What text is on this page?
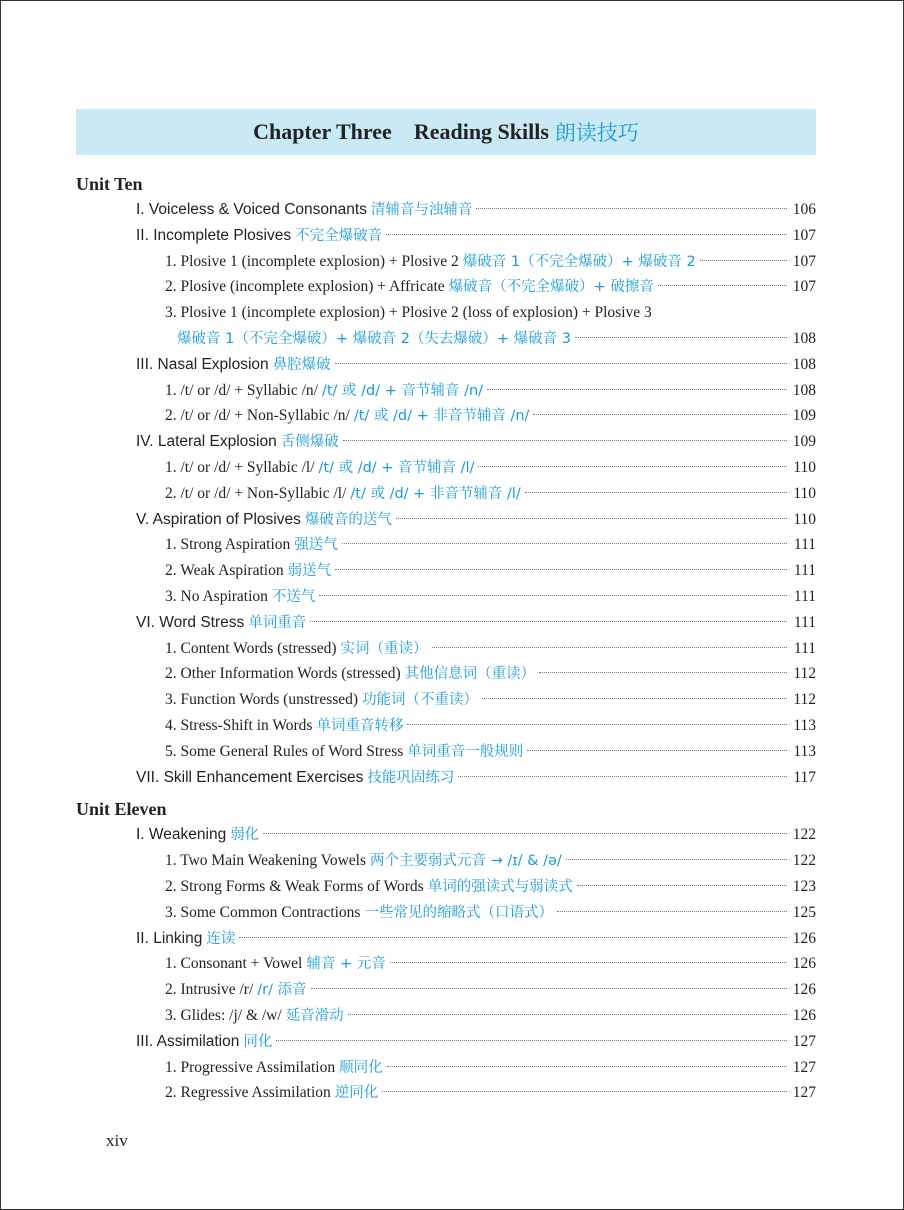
Chapter Three Reading Skills 朗读技巧
Unit Ten
I. Voiceless & Voiced Consonants 清辅音与浊辅音	106
II. Incomplete Plosives 不完全爆破音	107
1. Plosive 1 (incomplete explosion) + Plosive 2 爆破音 1（不完全爆破）+ 爆破音 2	107
2. Plosive (incomplete explosion) + Affricate 爆破音（不完全爆破）+ 破擦音	107
3. Plosive 1 (incomplete explosion) + Plosive 2 (loss of explosion) + Plosive 3
爆破音 1（不完全爆破）+ 爆破音 2（失去爆破）+ 爆破音 3	108
III. Nasal Explosion 鼻腔爆破	108
1. /t/ or /d/ + Syllabic /n/ /t/ 或 /d/ + 音节辅音 /n/	108
2. /t/ or /d/ + Non-Syllabic /n/ /t/ 或 /d/ + 非音节辅音 /n/	109
IV. Lateral Explosion 舌侧爆破	109
1. /t/ or /d/ + Syllabic /l/ /t/ 或 /d/ + 音节辅音 /l/	110
2. /t/ or /d/ + Non-Syllabic /l/ /t/ 或 /d/ + 非音节辅音 /l/	110
V. Aspiration of Plosives 爆破音的送气	110
1. Strong Aspiration 强送气	111
2. Weak Aspiration 弱送气	111
3. No Aspiration 不送气	111
VI. Word Stress 单词重音	111
1. Content Words (stressed) 实词（重读）	111
2. Other Information Words (stressed) 其他信息词（重读）	112
3. Function Words (unstressed) 功能词（不重读）	112
4. Stress-Shift in Words 单词重音转移	113
5. Some General Rules of Word Stress 单词重音一般规则	113
VII. Skill Enhancement Exercises 技能巩固练习	117
Unit Eleven
I. Weakening 弱化	122
1. Two Main Weakening Vowels 两个主要弱式元音 → /ɪ/ & /ə/	122
2. Strong Forms & Weak Forms of Words 单词的强读式与弱读式	123
3. Some Common Contractions 一些常见的缩略式（口语式）	125
II. Linking 连读	126
1. Consonant + Vowel 辅音 + 元音	126
2. Intrusive /r/ /r/ 添音	126
3. Glides: /j/ & /w/ 延音滑动	126
III. Assimilation 同化	127
1. Progressive Assimilation 顺同化	127
2. Regressive Assimilation 逆同化	127
xiv
